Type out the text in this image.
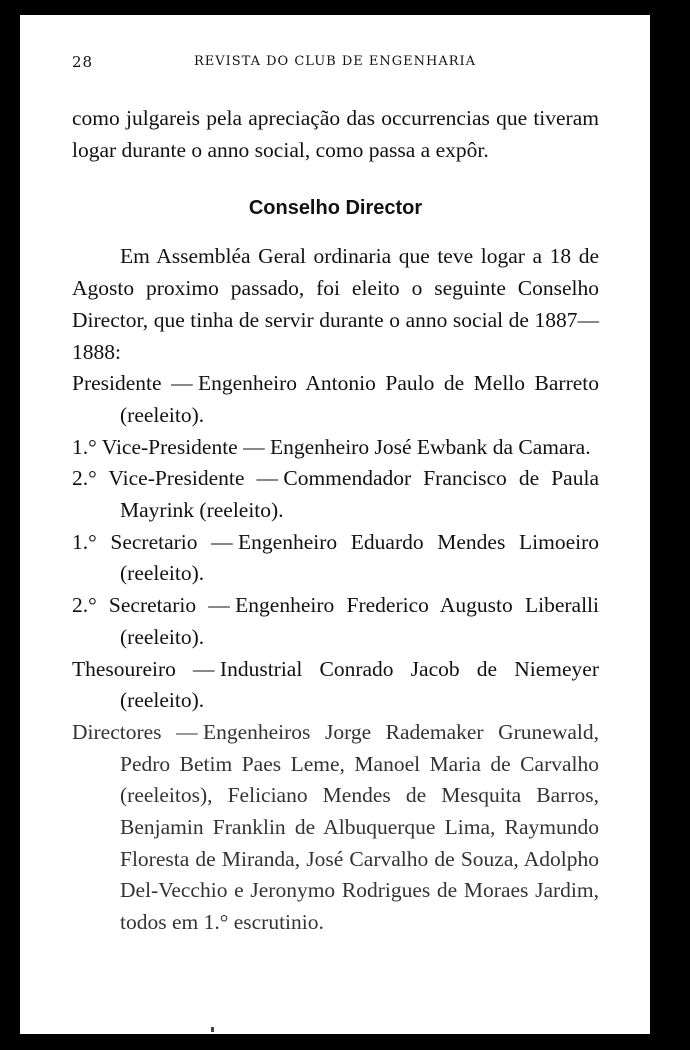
28	REVISTA DO CLUB DE ENGENHARIA

como julgareis pela apreciação das occurrencias que tiveram logar durante o anno social, como passa a expôr.

Conselho Director

Em Assembléa Geral ordinaria que teve logar a 18 de Agosto proximo passado, foi eleito o seguinte Conselho Director, que tinha de servir durante o anno social de 1887—1888:

Presidente — Engenheiro Antonio Paulo de Mello Barreto (reeleito).

1.° Vice-Presidente — Engenheiro José Ewbank da Camara.

2.° Vice-Presidente — Commendador Francisco de Paula Mayrink (reeleito).

1.° Secretario — Engenheiro Eduardo Mendes Limoeiro (reeleito).

2.° Secretario — Engenheiro Frederico Augusto Liberalli (reeleito).

Thesoureiro — Industrial Conrado Jacob de Niemeyer (reeleito).

Directores — Engenheiros Jorge Rademaker Grunewald, Pedro Betim Paes Leme, Manoel Maria de Carvalho (reeleitos), Feliciano Mendes de Mesquita Barros, Benjamin Franklin de Albuquerque Lima, Raymundo Floresta de Miranda, José Carvalho de Souza, Adolpho Del-Vecchio e Jeronymo Rodrigues de Moraes Jardim, todos em 1.° escrutinio.
